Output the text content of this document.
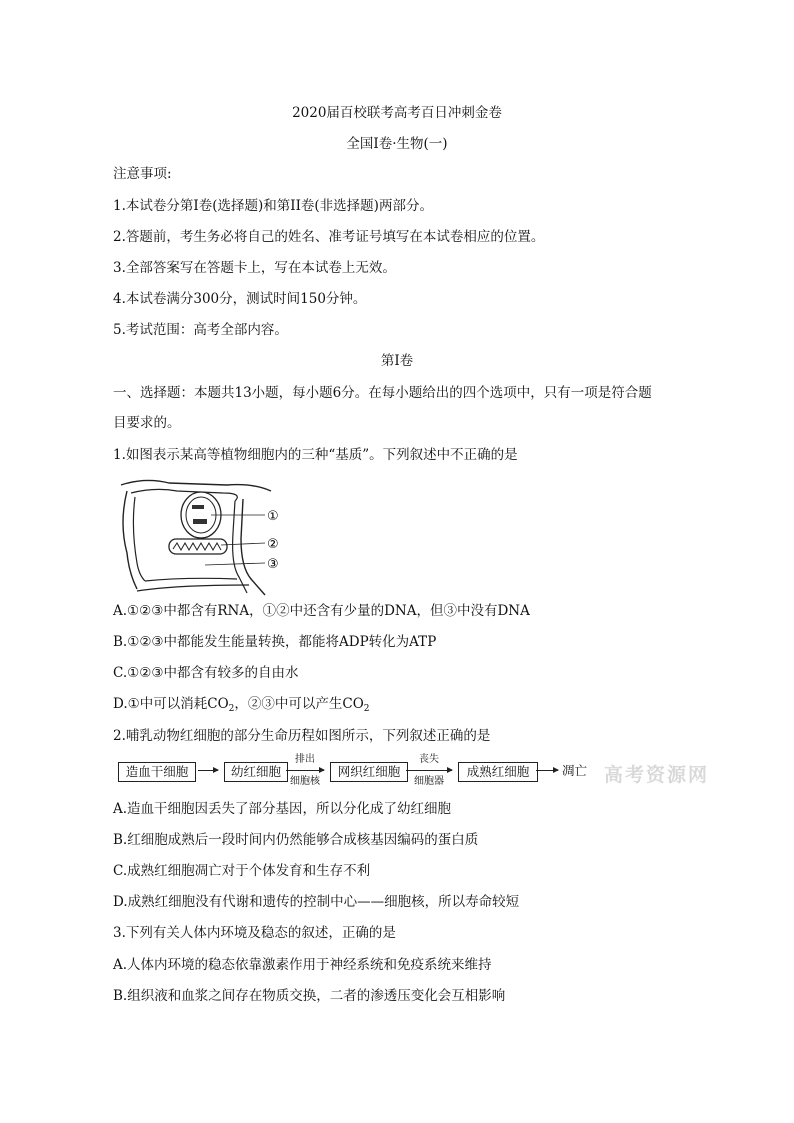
2020届百校联考高考百日冲刺金卷
全国I卷·生物(一)
注意事项:
1.本试卷分第I卷(选择题)和第II卷(非选择题)两部分。
2.答题前，考生务必将自己的姓名、准考证号填写在本试卷相应的位置。
3.全部答案写在答题卡上，写在本试卷上无效。
4.本试卷满分300分，测试时间150分钟。
5.考试范围：高考全部内容。
第I卷
一、选择题：本题共13小题，每小题6分。在每小题给出的四个选项中，只有一项是符合题
目要求的。
1.如图表示某高等植物细胞内的三种“基质”。下列叙述中不正确的是
①
②
③
A.①②③中都含有RNA，①②中还含有少量的DNA，但③中没有DNA
B.①②③中都能发生能量转换，都能将ADP转化为ATP
C.①②③中都含有较多的自由水
D.①中可以消耗$CO_2$，②③中可以产生$CO_2$
2.哺乳动物红细胞的部分生命历程如图所示，下列叙述正确的是
造血干细胞	幼红细胞
排出
细胞核
网织红细胞
丧失
细胞器
成熟红细胞	凋亡 高考资源网
A.造血干细胞因丢失了部分基因，所以分化成了幼红细胞
B.红细胞成熟后一段时间内仍然能够合成核基因编码的蛋白质
C.成熟红细胞凋亡对于个体发育和生存不利
D.成熟红细胞没有代谢和遗传的控制中心——细胞核，所以寿命较短
3.下列有关人体内环境及稳态的叙述，正确的是
A.人体内环境的稳态依靠激素作用于神经系统和免疫系统来维持
B.组织液和血浆之间存在物质交换，二者的渗透压变化会互相影响
